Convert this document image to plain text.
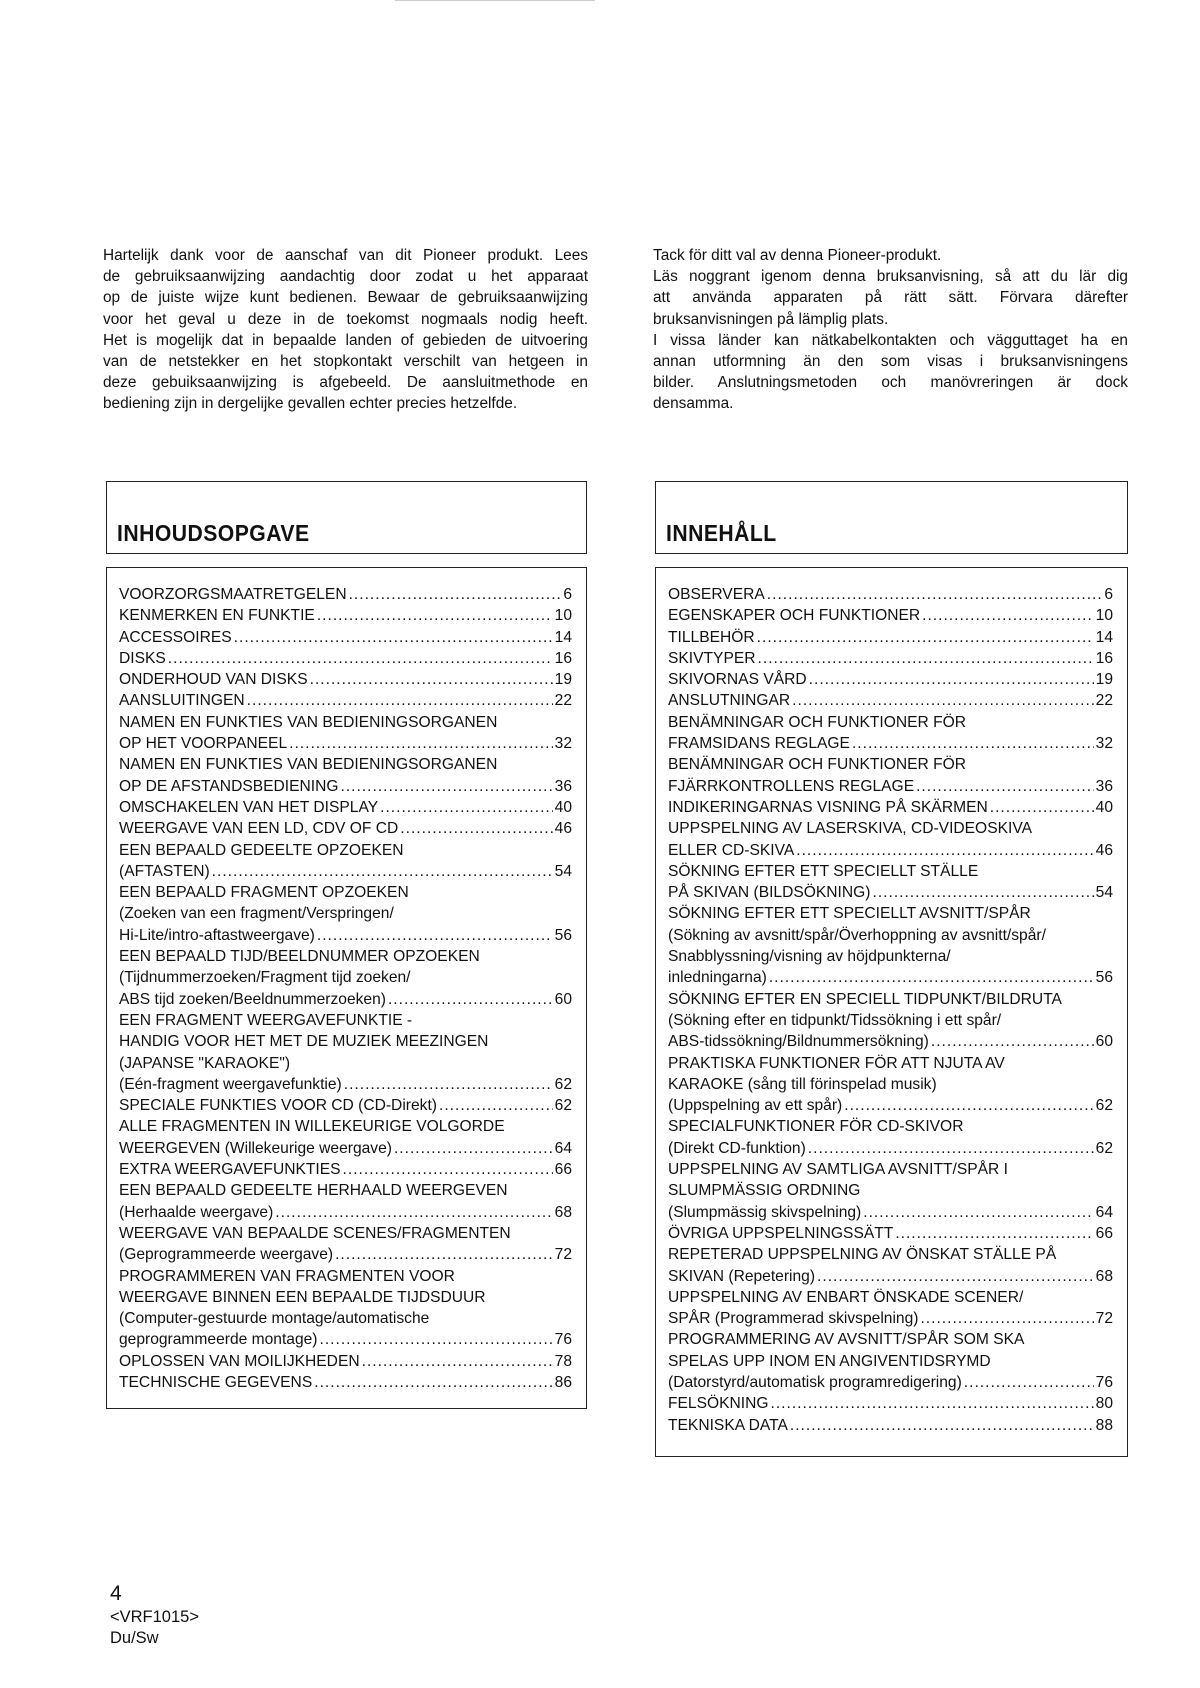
Hartelijk dank voor de aanschaf van dit Pioneer produkt. Lees

de gebruiksaanwijzing aandachtig door zodat u het apparaat

op de juiste wijze kunt bedienen. Bewaar de gebruiksaanwijzing

voor het geval u deze in de toekomst nogmaals nodig heeft.

Het is mogelijk dat in bepaalde landen of gebieden de uitvoering

van de netstekker en het stopkontakt verschilt van hetgeen in

deze gebuiksaanwijzing is afgebeeld. De aansluitmethode en

bediening zijn in dergelijke gevallen echter precies hetzelfde.

Tack för ditt val av denna Pioneer-produkt.

Läs noggrant igenom denna bruksanvisning, så att du lär dig

att använda apparaten på rätt sätt. Förvara därefter

bruksanvisningen på lämplig plats.

I vissa länder kan nätkabelkontakten och vägguttaget ha en

annan utformning än den som visas i bruksanvisningens

bilder. Anslutningsmetoden och manövreringen är dock

densamma.

INHOUDSOPGAVE	INNEHÅLL
VOORZORGSMAATRETGELEN .....	6
KENMERKEN EN FUNKTIE .....	10
ACCESSOIRES .....	14
DISKS .....	16
ONDERHOUD VAN DISKS .....	19
AANSLUITINGEN .....	22
NAMEN EN FUNKTIES VAN BEDIENINGSORGANEN
OP HET VOORPANEEL .....	32
NAMEN EN FUNKTIES VAN BEDIENINGSORGANEN
OP DE AFSTANDSBEDIENING .....	36
OMSCHAKELEN VAN HET DISPLAY .....	40
WEERGAVE VAN EEN LD, CDV OF CD .....	46
EEN BEPAALD GEDEELTE OPZOEKEN
(AFTASTEN) .....	54
EEN BEPAALD FRAGMENT OPZOEKEN
(Zoeken van een fragment/Verspringen/
Hi-Lite/intro-aftastweergave) .....	56
EEN BEPAALD TIJD/BEELDNUMMER OPZOEKEN
(Tijdnummerzoeken/Fragment tijd zoeken/
ABS tijd zoeken/Beeldnummerzoeken) .....	60
EEN FRAGMENT WEERGAVEFUNKTIE -
HANDIG VOOR HET MET DE MUZIEK MEEZINGEN
(JAPANSE "KARAOKE")
(Eén-fragment weergavefunktie) .....	62
SPECIALE FUNKTIES VOOR CD (CD-Direkt) .....	62
ALLE FRAGMENTEN IN WILLEKEURIGE VOLGORDE
WEERGEVEN (Willekeurige weergave) .....	64
EXTRA WEERGAVEFUNKTIES .....	66
EEN BEPAALD GEDEELTE HERHAALD WEERGEVEN
(Herhaalde weergave) .....	68
WEERGAVE VAN BEPAALDE SCENES/FRAGMENTEN
(Geprogrammeerde weergave) .....	72
PROGRAMMEREN VAN FRAGMENTEN VOOR
WEERGAVE BINNEN EEN BEPAALDE TIJDSDUUR
(Computer-gestuurde montage/automatische
geprogrammeerde montage) .....	76
OPLOSSEN VAN MOILIJKHEDEN .....	78
TECHNISCHE GEGEVENS .....	86
OBSERVERA .....	6
EGENSKAPER OCH FUNKTIONER .....	10
TILLBEHÖR .....	14
SKIVTYPER .....	16
SKIVORNAS VÅRD .....	19
ANSLUTNINGAR .....	22
BENÄMNINGAR OCH FUNKTIONER FÖR
FRAMSIDANS REGLAGE .....	32
BENÄMNINGAR OCH FUNKTIONER FÖR
FJÄRRKONTROLLENS REGLAGE .....	36
INDIKERINGARNAS VISNING PÅ SKÄRMEN .....	40
UPPSPELNING AV LASERSKIVA, CD-VIDEOSKIVA
ELLER CD-SKIVA .....	46
SÖKNING EFTER ETT SPECIELLT STÄLLE
PÅ SKIVAN (BILDSÖKNING) .....	54
SÖKNING EFTER ETT SPECIELLT AVSNITT/SPÅR
(Sökning av avsnitt/spår/Överhoppning av avsnitt/spår/
Snabblyssning/visning av höjdpunkterna/
inledningarna) .....	56
SÖKNING EFTER EN SPECIELL TIDPUNKT/BILDRUTA
(Sökning efter en tidpunkt/Tidssökning i ett spår/
ABS-tidssökning/Bildnummersökning) .....	60
PRAKTISKA FUNKTIONER FÖR ATT NJUTA AV
KARAOKE (sång till förinspelad musik)
(Uppspelning av ett spår) .....	62
SPECIALFUNKTIONER FÖR CD-SKIVOR
(Direkt CD-funktion) .....	62
UPPSPELNING AV SAMTLIGA AVSNITT/SPÅR I
SLUMPMÄSSIG ORDNING
(Slumpmässig skivspelning) .....	64
ÖVRIGA UPPSPELNINGSSÄTT .....	66
REPETERAD UPPSPELNING AV ÖNSKAT STÄLLE PÅ
SKIVAN (Repetering) .....	68
UPPSPELNING AV ENBART ÖNSKADE SCENER/
SPÅR (Programmerad skivspelning) .....	72
PROGRAMMERING AV AVSNITT/SPÅR SOM SKA
SPELAS UPP INOM EN ANGIVENTIDSRYMD
(Datorstyrd/automatisk programredigering) .....	76
FELSÖKNING .....	80
TEKNISKA DATA .....	88
4
<VRF1015>
Du/Sw
